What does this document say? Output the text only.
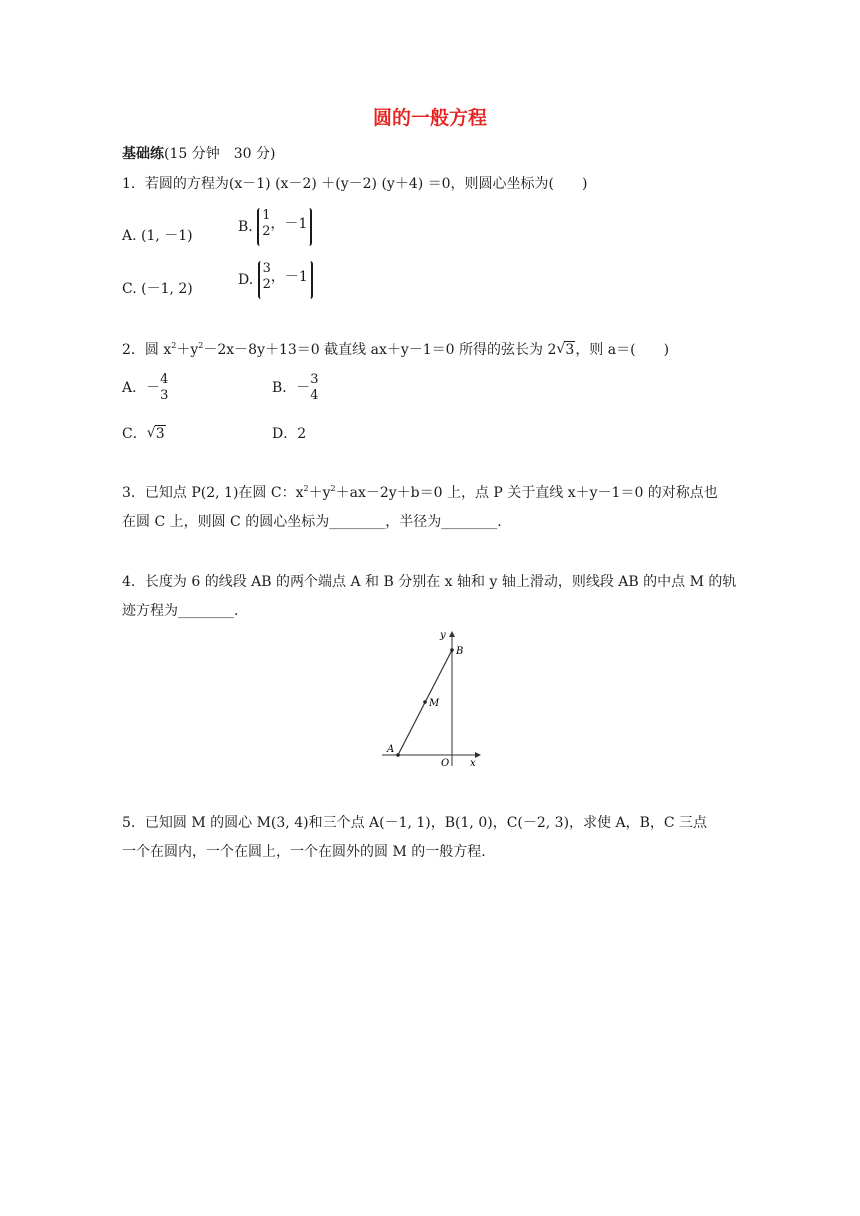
圆的一般方程
基础练(15 分钟　30 分)
1．若圆的方程为(x－1) (x－2) ＋(y－2) (y＋4) ＝0，则圆心坐标为(　　)
A. (1, －1)
B.
1
2 ，－1
C. (－1, 2)
D.
3
2 ，－1
2．圆 $x^2+y^2-2x-8y+13=0$ 截直线 ax＋y－1＝0 所得的弦长为 2 √ 3，则 a＝(　　)
A．－
4
3	B．－
3
4
C． √ 3	D．2
3．已知点 P(2, 1)在圆 C：$x^2+y^2+ax-2y+b=0$ 上，点 P 关于直线 x＋y－1＝0 的对称点也
在圆 C 上，则圆 C 的圆心坐标为________，半径为________.
4．长度为 6 的线段 AB 的两个端点 A 和 B 分别在 x 轴和 y 轴上滑动，则线段 AB 的中点 M 的轨
迹方程为________.
y
B
M
A
O x
5．已知圆 M 的圆心 M(3, 4)和三个点 A(－1, 1)，B(1, 0)，C(－2, 3)，求使 A，B，C 三点
一个在圆内，一个在圆上，一个在圆外的圆 M 的一般方程.
